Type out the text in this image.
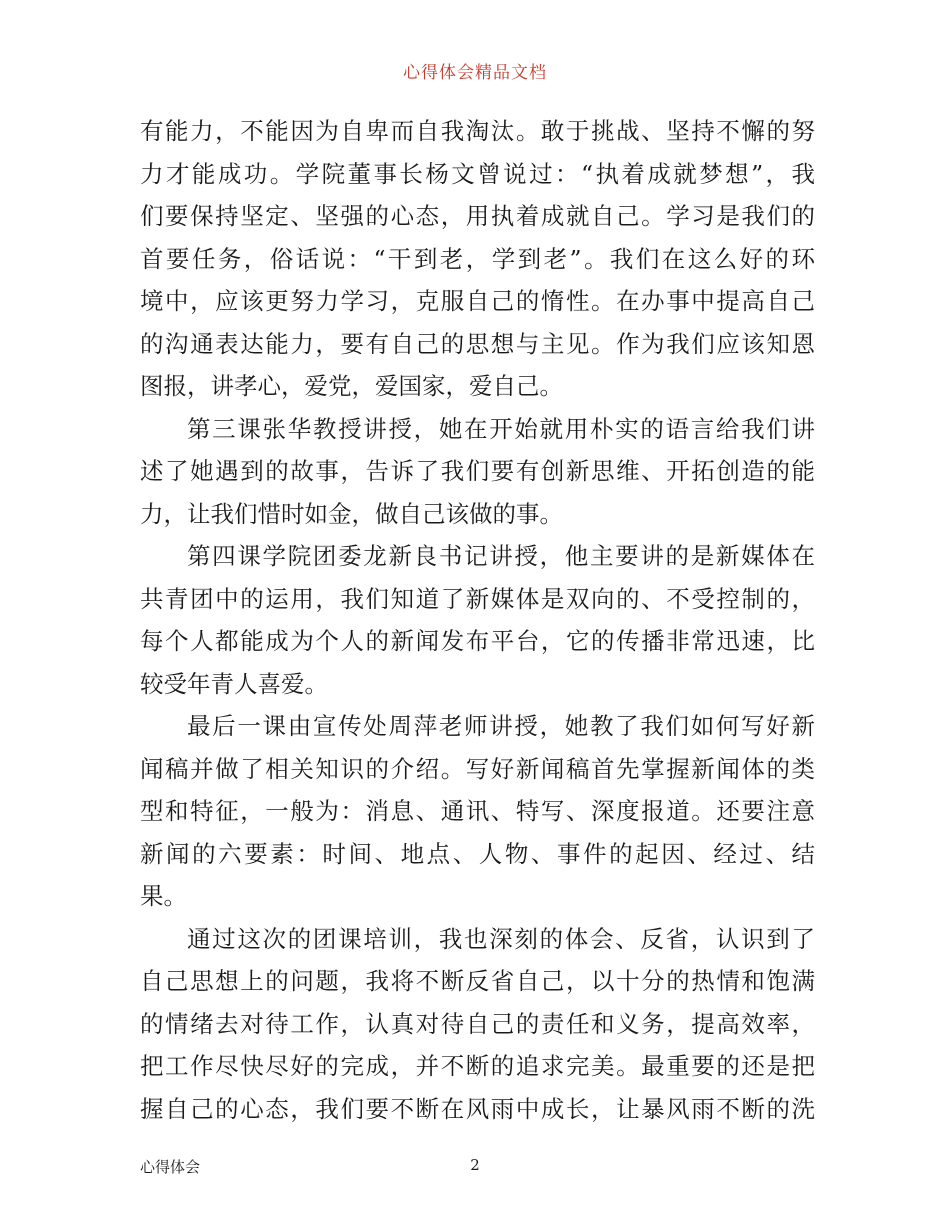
心得体会精品文档
有能力，不能因为自卑而自我淘汰。敢于挑战、坚持不懈的努
力才能成功。学院董事长杨文曾说过：“执着成就梦想”，我
们要保持坚定、坚强的心态，用执着成就自己。学习是我们的
首要任务，俗话说：“干到老，学到老”。我们在这么好的环
境中，应该更努力学习，克服自己的惰性。在办事中提高自己
的沟通表达能力，要有自己的思想与主见。作为我们应该知恩
图报，讲孝心，爱党，爱国家，爱自己。
第三课张华教授讲授，她在开始就用朴实的语言给我们讲
述了她遇到的故事，告诉了我们要有创新思维、开拓创造的能
力，让我们惜时如金，做自己该做的事。
第四课学院团委龙新良书记讲授，他主要讲的是新媒体在
共青团中的运用，我们知道了新媒体是双向的、不受控制的，
每个人都能成为个人的新闻发布平台，它的传播非常迅速，比
较受年青人喜爱。
最后一课由宣传处周萍老师讲授，她教了我们如何写好新
闻稿并做了相关知识的介绍。写好新闻稿首先掌握新闻体的类
型和特征，一般为：消息、通讯、特写、深度报道。还要注意
新闻的六要素：时间、地点、人物、事件的起因、经过、结
果。
通过这次的团课培训，我也深刻的体会、反省，认识到了
自己思想上的问题，我将不断反省自己，以十分的热情和饱满
的情绪去对待工作，认真对待自己的责任和义务，提高效率，
把工作尽快尽好的完成，并不断的追求完美。最重要的还是把
握自己的心态，我们要不断在风雨中成长，让暴风雨不断的洗
心得体会	2
